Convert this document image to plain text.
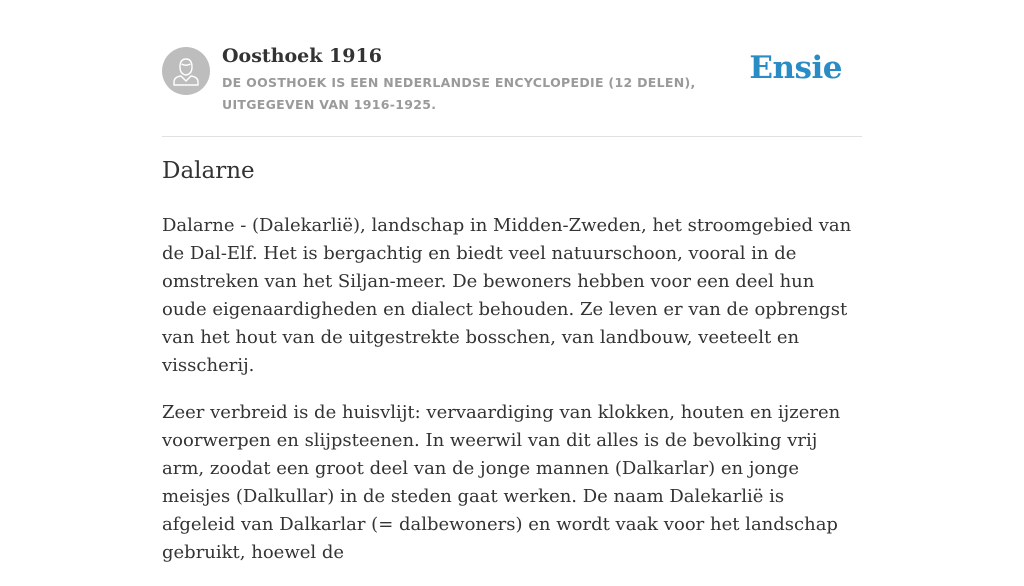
Oosthoek 1916

DE OOSTHOEK IS EEN NEDERLANDSE ENCYCLOPEDIE (12 DELEN), UITGEGEVEN VAN 1916-1925.

Ensie
Dalarne

Dalarne - (Dalekarlië), landschap in Midden-Zweden, het stroomgebied van de Dal-Elf. Het is bergachtig en biedt veel natuurschoon, vooral in de omstreken van het Siljan-meer. De bewoners hebben voor een deel hun oude eigenaardigheden en dialect behouden. Ze leven er van de opbrengst van het hout van de uitgestrekte bosschen, van landbouw, veeteelt en visscherij.

Zeer verbreid is de huisvlijt: vervaardiging van klokken, houten en ijzeren voorwerpen en slijpsteenen. In weerwil van dit alles is de bevolking vrij arm, zoodat een groot deel van de jonge mannen (Dalkarlar) en jonge meisjes (Dalkullar) in de steden gaat werken. De naam Dalekarlië is afgeleid van Dalkarlar (= dalbewoners) en wordt vaak voor het landschap gebruikt, hoewel de
